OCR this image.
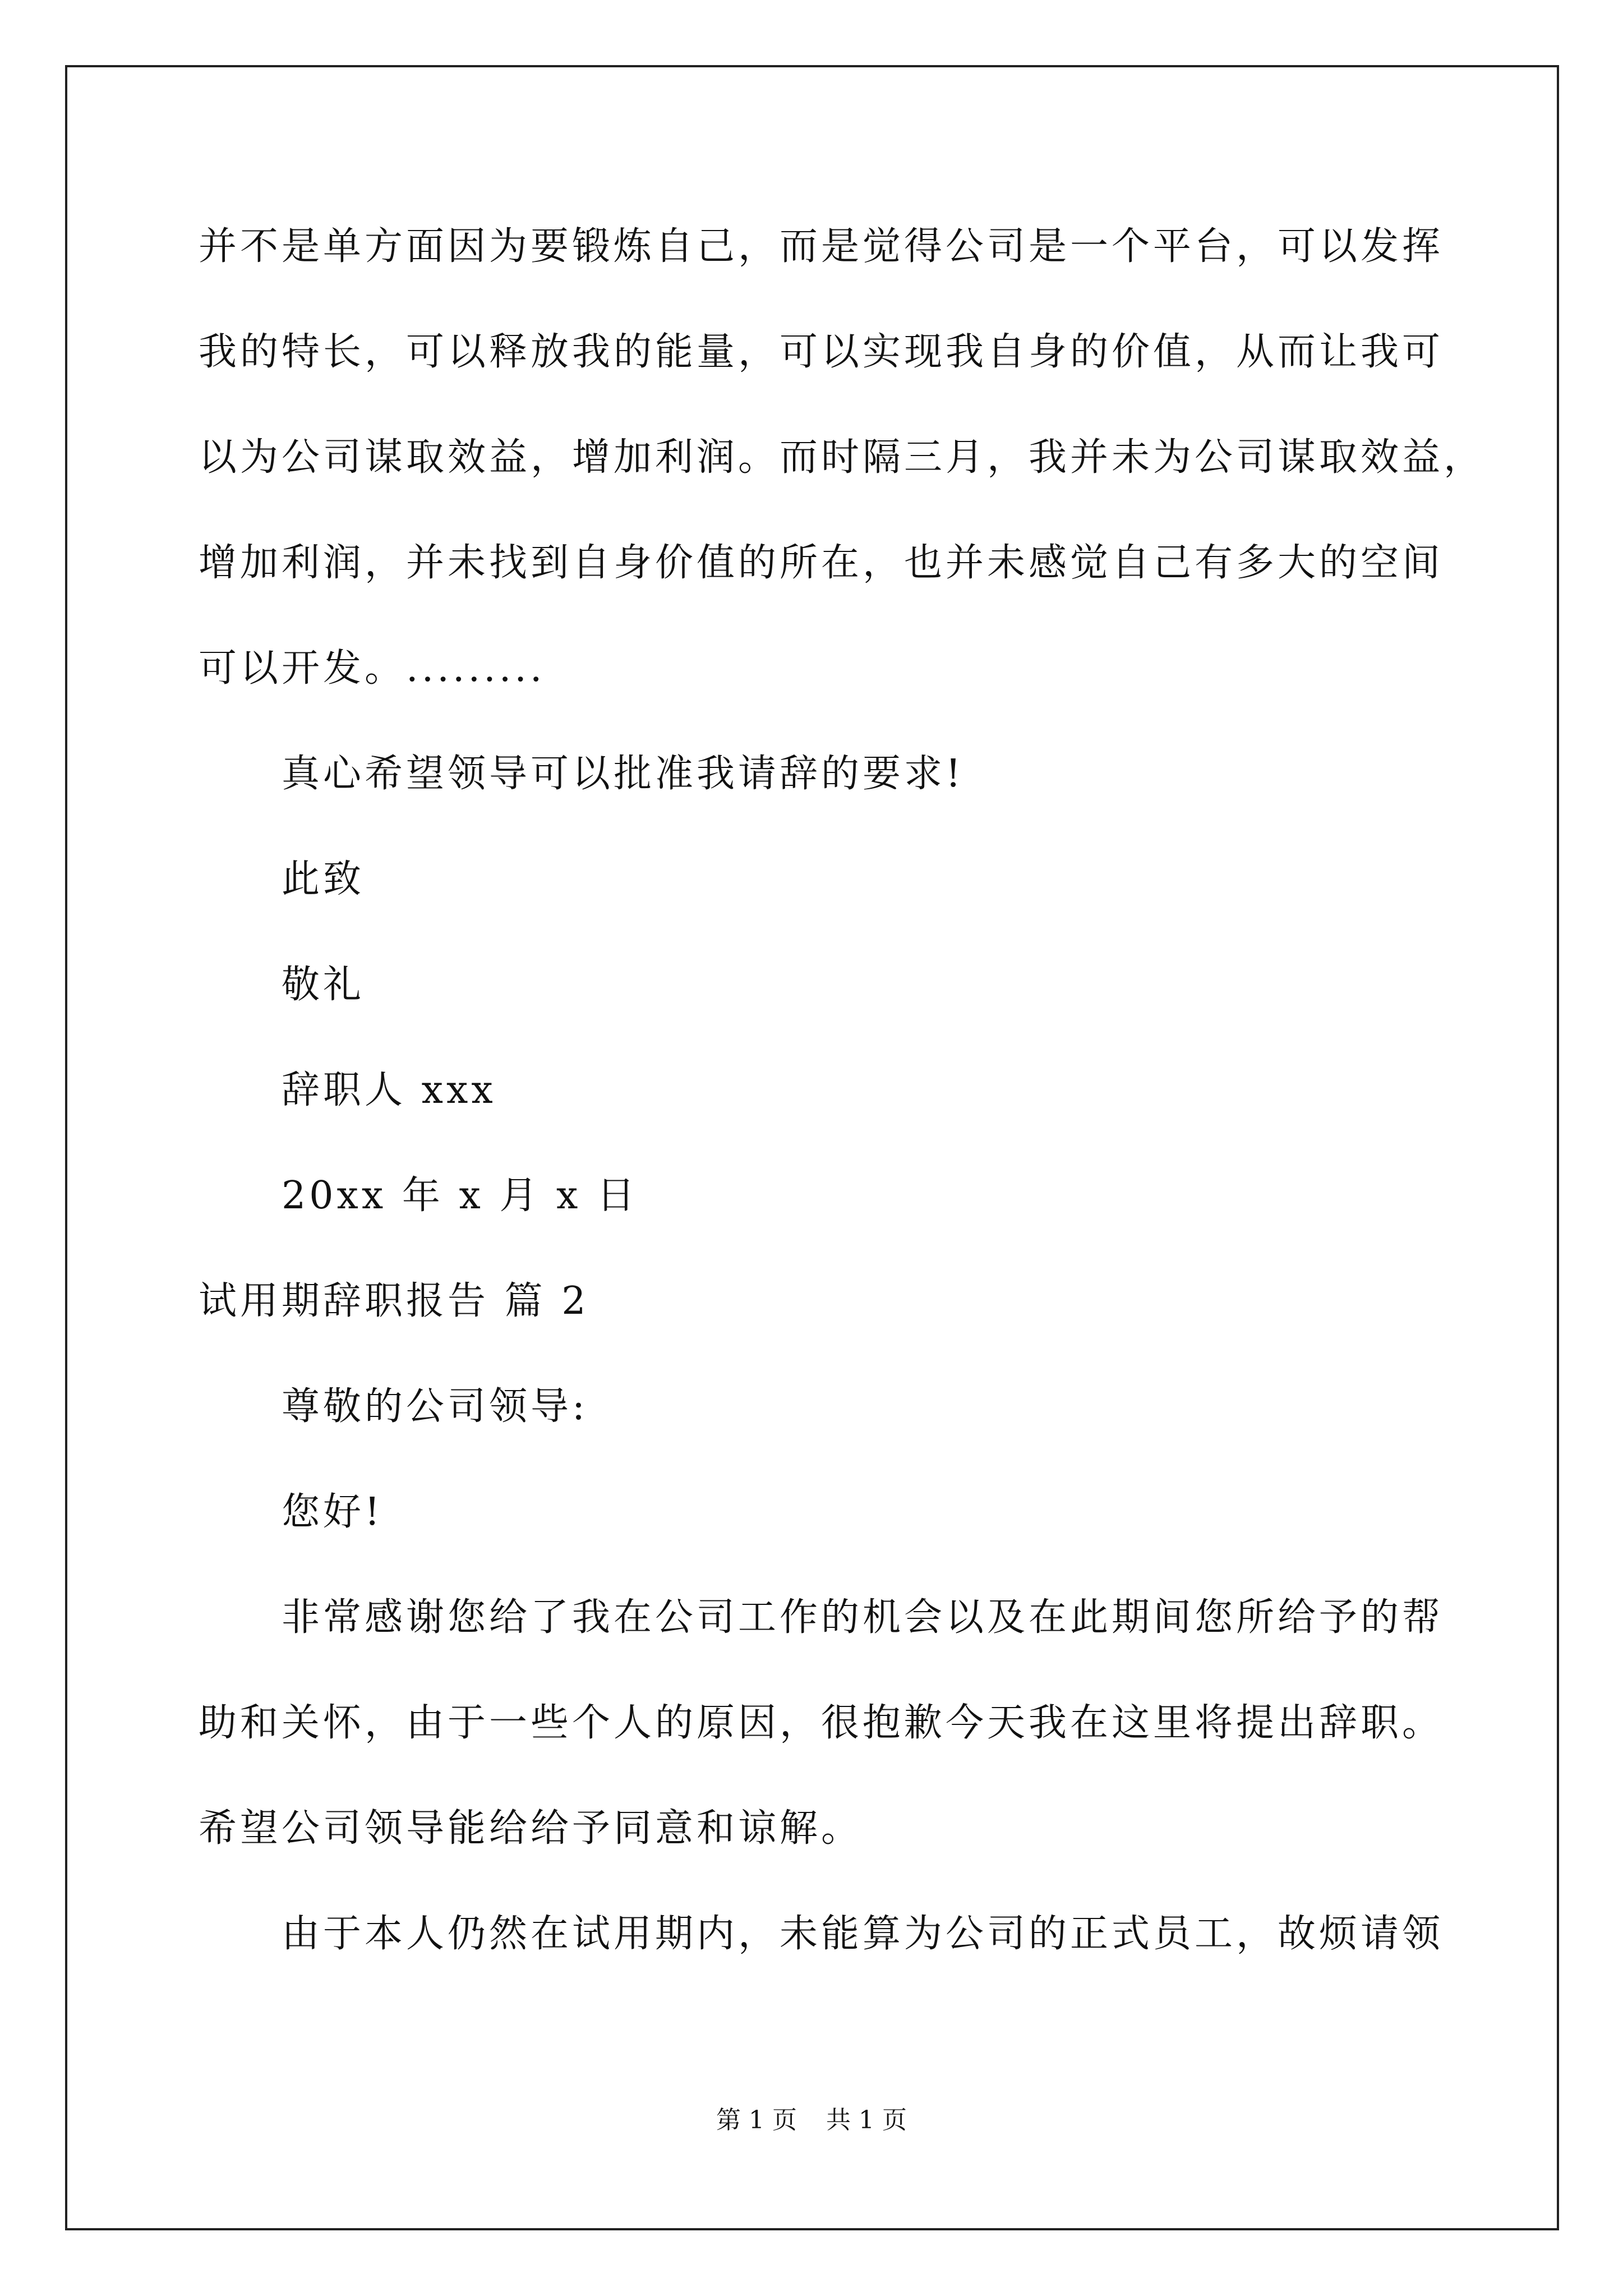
并不是单方面因为要锻炼自己，而是觉得公司是一个平台，可以发挥
我的特长，可以释放我的能量，可以实现我自身的价值，从而让我可
以为公司谋取效益，增加利润。而时隔三月，我并未为公司谋取效益，
增加利润，并未找到自身价值的所在，也并未感觉自己有多大的空间
可以开发。.........
真心希望领导可以批准我请辞的要求!
此致
敬礼
辞职人 xxx
20xx 年 x 月 x 日
试用期辞职报告 篇 2
尊敬的公司领导:
您好!
非常感谢您给了我在公司工作的机会以及在此期间您所给予的帮
助和关怀，由于一些个人的原因，很抱歉今天我在这里将提出辞职。
希望公司领导能给给予同意和谅解。
由于本人仍然在试用期内，未能算为公司的正式员工，故烦请领
第 1 页 共 1 页
